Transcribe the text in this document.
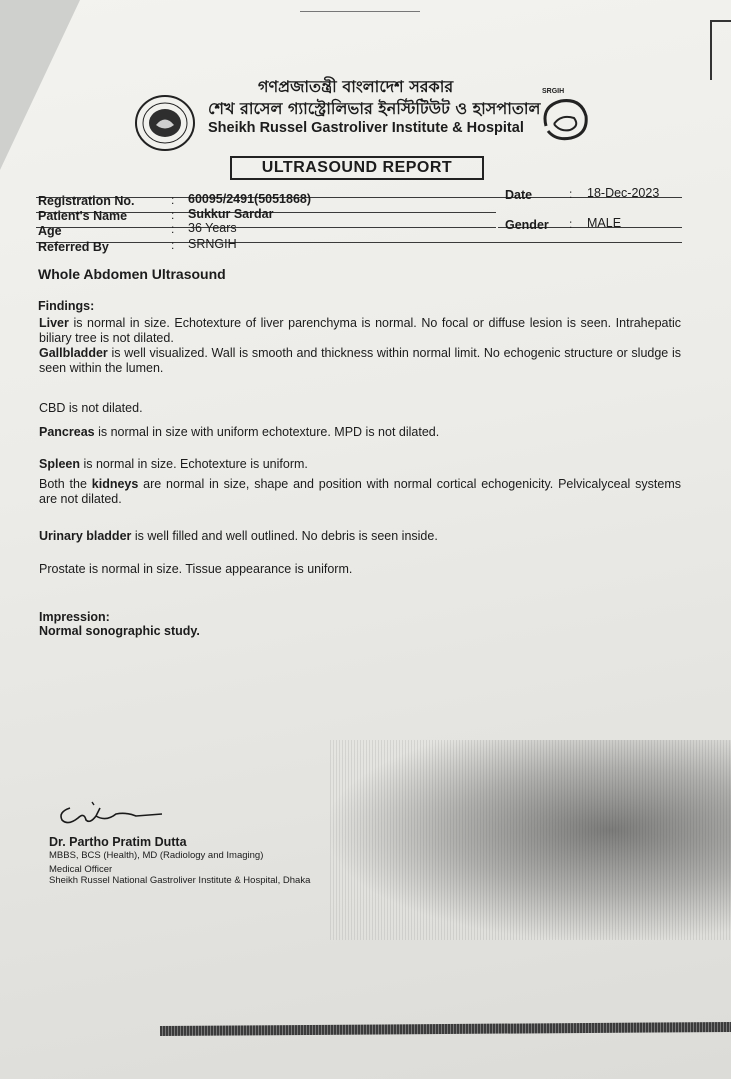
গণপ্রজাতন্ত্রী বাংলাদেশ সরকার
শেখ রাসেল গ্যাস্ট্রোলিভার ইনস্টিটিউট ও হাসপাতাল
Sheikh Russel Gastroliver Institute & Hospital
SRGIH
ULTRASOUND REPORT
Registration No.	: 60095/2491(5051868)	Date	: 18-Dec-2023
Patient's Name	: Sukkur Sardar
Age	: 36 Years	Gender : MALE
Referred By	: SRNGIH
Whole Abdomen Ultrasound
Findings:

Liver is normal in size. Echotexture of liver parenchyma is normal. No focal or diffuse lesion is seen. Intrahepatic biliary tree is not dilated.
Gallbladder is well visualized. Wall is smooth and thickness within normal limit. No echogenic structure or sludge is seen within the lumen.
CBD is not dilated.
Pancreas is normal in size with uniform echotexture. MPD is not dilated.
Spleen is normal in size. Echotexture is uniform.
Both the kidneys are normal in size, shape and position with normal cortical echogenicity. Pelvicalyceal systems are not dilated.
Urinary bladder is well filled and well outlined. No debris is seen inside.
Prostate is normal in size. Tissue appearance is uniform.
Impression:
Normal sonographic study.
Dr. Partho Pratim Dutta
MBBS, BCS (Health), MD (Radiology and Imaging)
Medical Officer
Sheikh Russel National Gastroliver Institute & Hospital, Dhaka
